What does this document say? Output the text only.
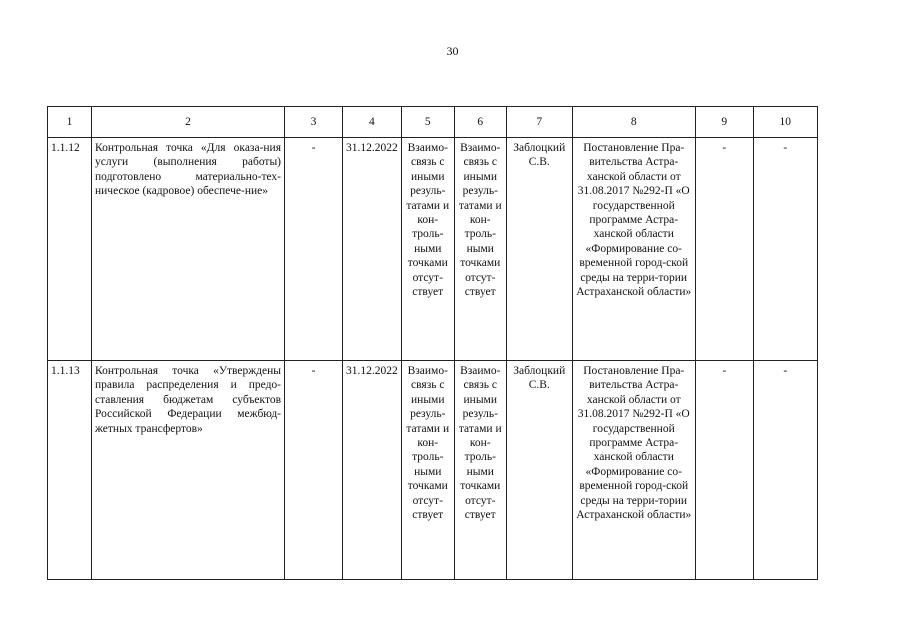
30
1	2	3	4	5	6	7	8	9	10
1.1.12	Контрольная точка «Для оказа-ния услуги (выполнения работы) подготовлено материально-тех-ническое (кадровое) обеспече-ние»	-	31.12.2022	Взаимо-связь с иными резуль-татами и кон-троль-ными точками отсут-ствует	Взаимо-связь с иными резуль-татами и кон-троль-ными точками отсут-ствует	Заблоцкий С.В.	Постановление Пра-вительства Астра-ханской области от 31.08.2017 №292-П «О государственной программе Астра-ханской области «Формирование со-временной город-ской среды на терри-тории Астраханской области»	-	-
1.1.13	Контрольная точка «Утверждены правила распределения и предо-ставления бюджетам субъектов Российской Федерации межбюд-жетных трансфертов»	-	31.12.2022	Взаимо-связь с иными резуль-татами и кон-троль-ными точками отсут-ствует	Взаимо-связь с иными резуль-татами и кон-троль-ными точками отсут-ствует	Заблоцкий С.В.	Постановление Пра-вительства Астра-ханской области от 31.08.2017 №292-П «О государственной программе Астра-ханской области «Формирование со-временной город-ской среды на терри-тории Астраханской области»	-	-
